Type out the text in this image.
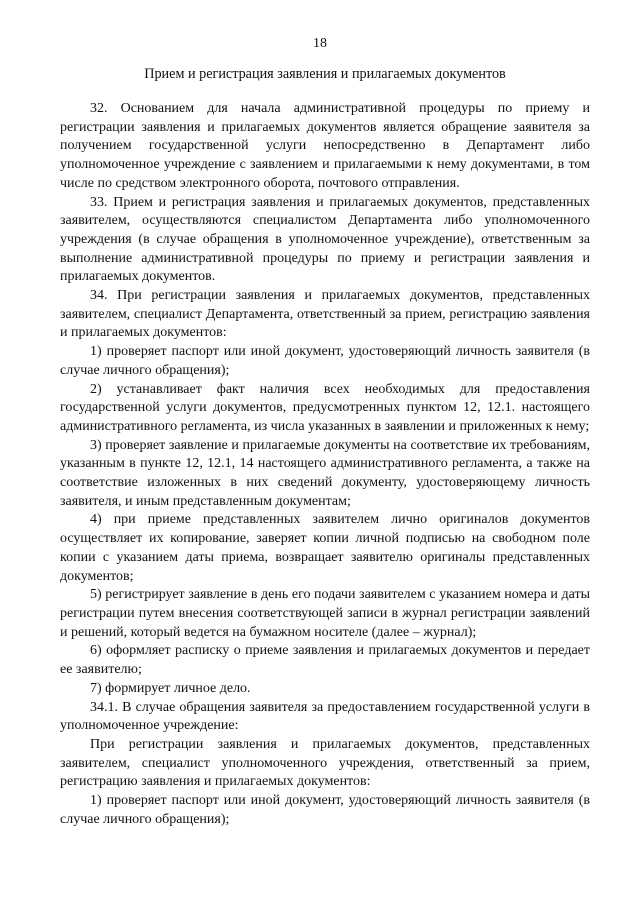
18
Прием и регистрация заявления и прилагаемых документов

32. Основанием для начала административной процедуры по приему и регистрации заявления и прилагаемых документов является обращение заявителя за получением государственной услуги непосредственно в Департамент либо уполномоченное учреждение с заявлением и прилагаемыми к нему документами, в том числе по средством электронного оборота, почтового отправления.

33. Прием и регистрация заявления и прилагаемых документов, представленных заявителем, осуществляются специалистом Департамента либо уполномоченного учреждения (в случае обращения в уполномоченное учреждение), ответственным за выполнение административной процедуры по приему и регистрации заявления и прилагаемых документов.

34. При регистрации заявления и прилагаемых документов, представленных заявителем, специалист Департамента, ответственный за прием, регистрацию заявления и прилагаемых документов:

1) проверяет паспорт или иной документ, удостоверяющий личность заявителя (в случае личного обращения);

2) устанавливает факт наличия всех необходимых для предоставления государственной услуги документов, предусмотренных пунктом 12, 12.1. настоящего административного регламента, из числа указанных в заявлении и приложенных к нему;

3) проверяет заявление и прилагаемые документы на соответствие их требованиям, указанным в пункте 12, 12.1, 14 настоящего административного регламента, а также на соответствие изложенных в них сведений документу, удостоверяющему личность заявителя, и иным представленным документам;

4) при приеме представленных заявителем лично оригиналов документов осуществляет их копирование, заверяет копии личной подписью на свободном поле копии с указанием даты приема, возвращает заявителю оригиналы представленных документов;

5) регистрирует заявление в день его подачи заявителем с указанием номера и даты регистрации путем внесения соответствующей записи в журнал регистрации заявлений и решений, который ведется на бумажном носителе (далее – журнал);

6) оформляет расписку о приеме заявления и прилагаемых документов и передает ее заявителю;

7) формирует личное дело.

34.1. В случае обращения заявителя за предоставлением государственной услуги в уполномоченное учреждение:

При регистрации заявления и прилагаемых документов, представленных заявителем, специалист уполномоченного учреждения, ответственный за прием, регистрацию заявления и прилагаемых документов:

1) проверяет паспорт или иной документ, удостоверяющий личность заявителя (в случае личного обращения);
